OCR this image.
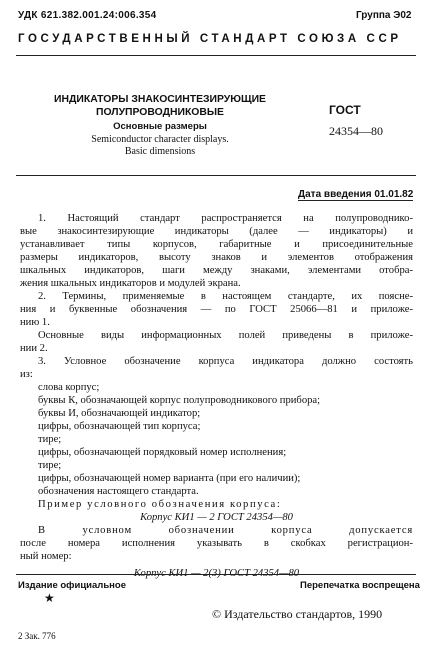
УДК 621.382.001.24:006.354	Группа Э02
ГОСУДАРСТВЕННЫЙ СТАНДАРТ СОЮЗА ССР
ИНДИКАТОРЫ ЗНАКОСИНТЕЗИРУЮЩИЕ
ПОЛУПРОВОДНИКОВЫЕ
Основные размеры
Semiconductor character displays.
Basic dimensions
ГОСТ
24354—80
Дата введения 01.01.82
1. Настоящий стандарт распространяется на полупроводнико-
вые знакосинтезирующие индикаторы (далее — индикаторы) и
устанавливает типы корпусов, габаритные и присоединительные
размеры индикаторов, высоту знаков и элементов отображения
шкальных индикаторов, шаги между знаками, элементами отобра-
жения шкальных индикаторов и модулей экрана.
2. Термины, применяемые в настоящем стандарте, их поясне-
ния и буквенные обозначения — по ГОСТ 25066—81 и приложе-
нию 1.
Основные виды информационных полей приведены в приложе-
нии 2.
3. Условное обозначение корпуса индикатора должно состоять
из:
слова корпус;
буквы К, обозначающей корпус полупроводникового прибора;
буквы И, обозначающей индикатор;
цифры, обозначающей тип корпуса;
тире;
цифры, обозначающей порядковый номер исполнения;
тире;
цифры, обозначающей номер варианта (при его наличии);
обозначения настоящего стандарта.
Пример условного обозначения корпуса:
Корпус КИ1 — 2 ГОСТ 24354—80
В условном обозначении корпуса допускается
после номера исполнения указывать в скобках регистрацион-
ный номер:
Корпус КИ1 — 2(3) ГОСТ 24354—80
Издание официальное
★
Перепечатка воспрещена
© Издательство стандартов, 1990
2 Зак. 776
